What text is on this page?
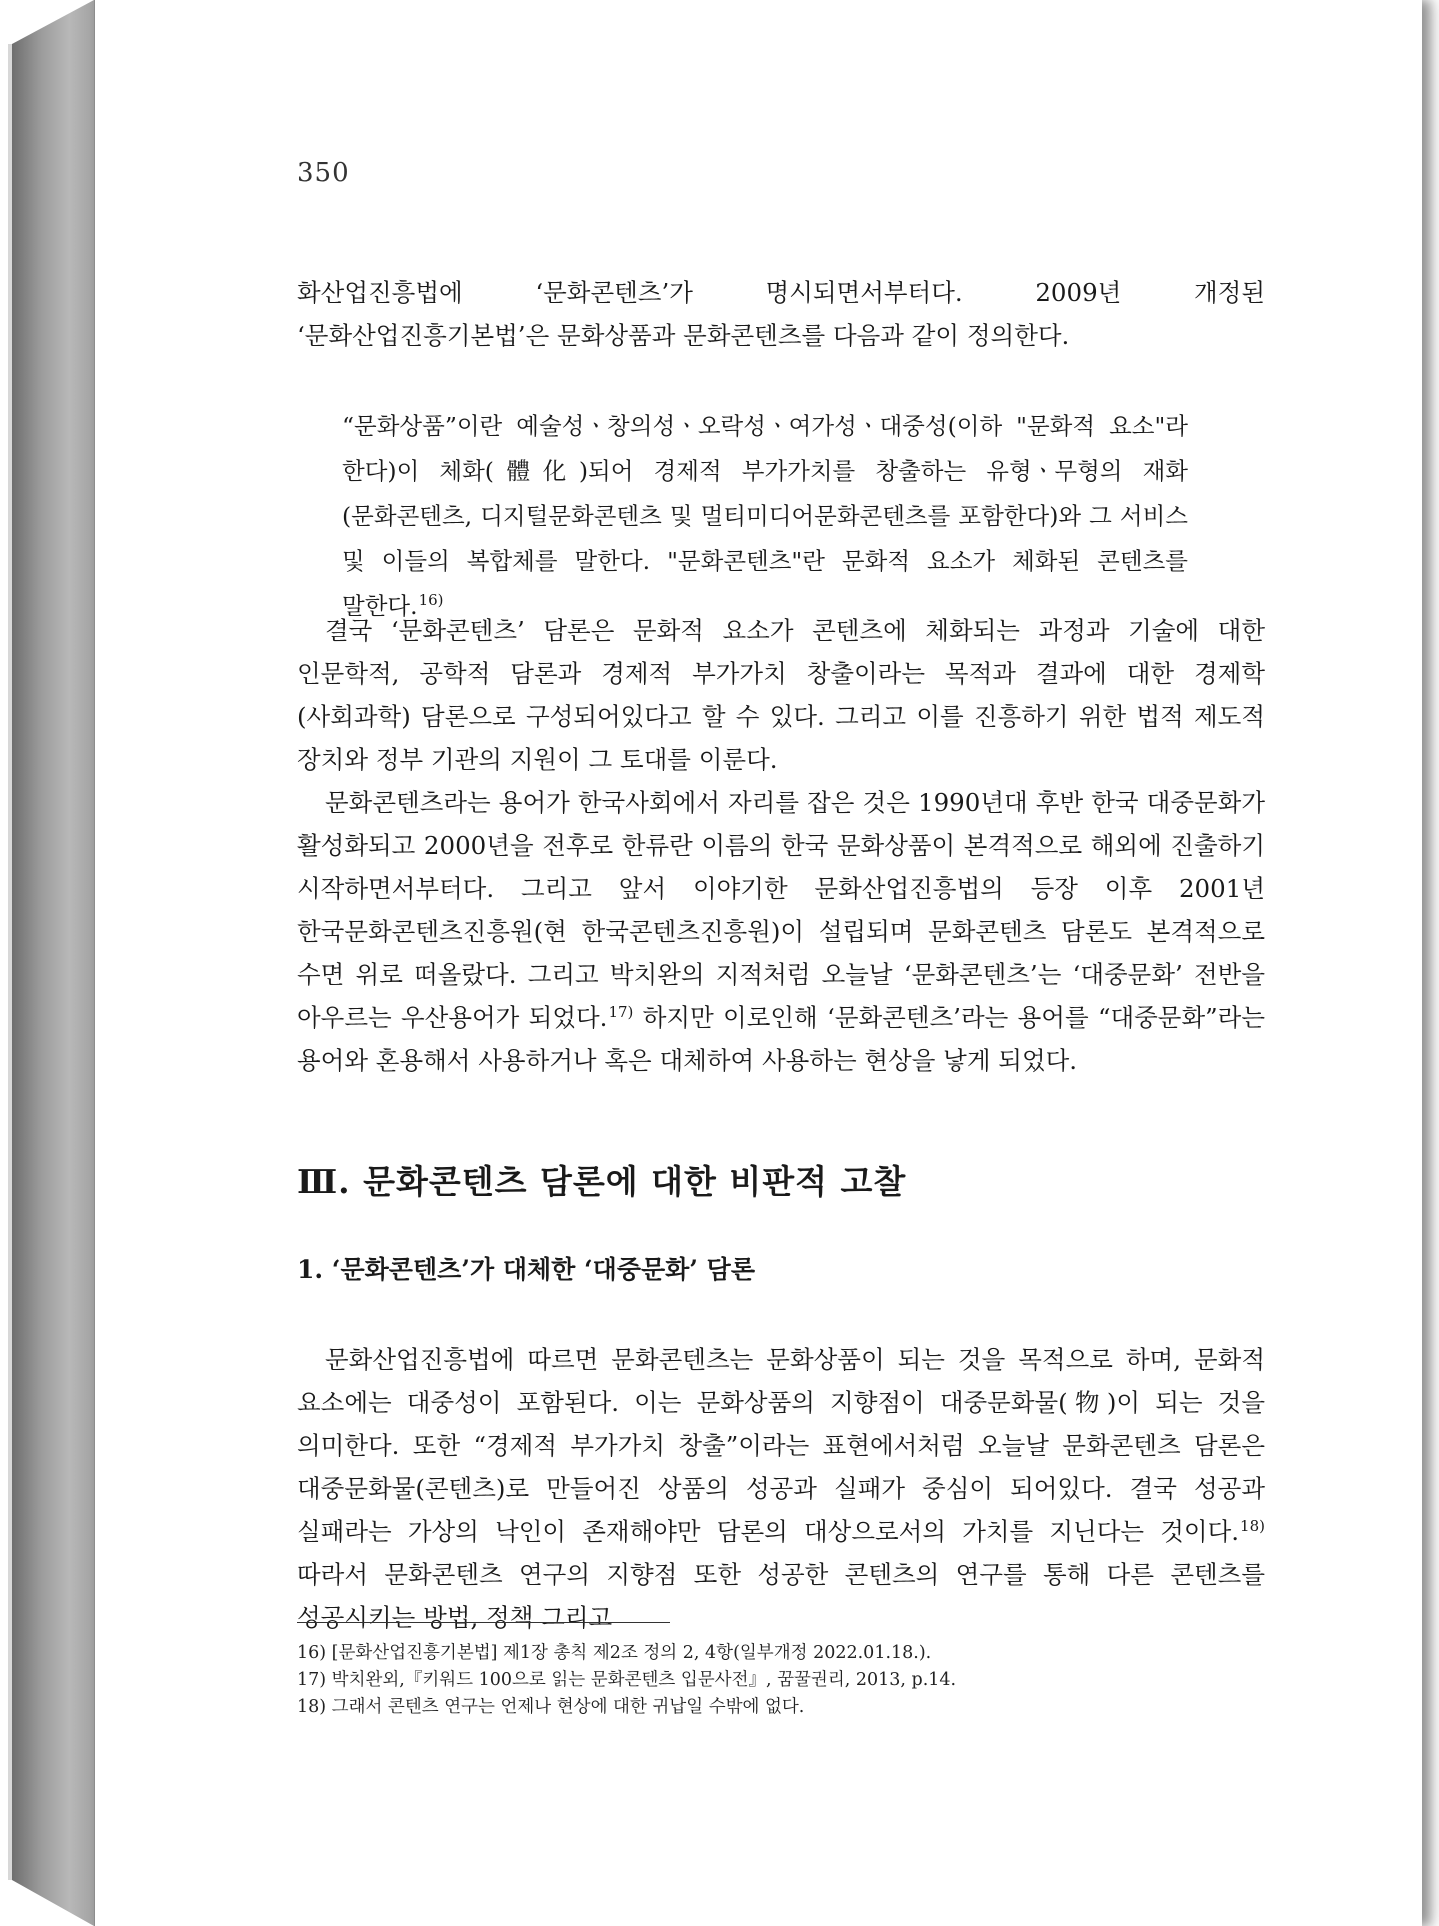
350

화산업진흥법에 ‘문화콘텐츠’가 명시되면서부터다. 2009년 개정된 ‘문화산업진흥기본법’은 문화상품과 문화콘텐츠를 다음과 같이 정의한다.

“문화상품”이란 예술성ㆍ창의성ㆍ오락성ㆍ여가성ㆍ대중성(이하 "문화적 요소"라 한다)이 체화(體化)되어 경제적 부가가치를 창출하는 유형ㆍ무형의 재화(문화콘텐츠, 디지털문화콘텐츠 및 멀티미디어문화콘텐츠를 포함한다)와 그 서비스 및 이들의 복합체를 말한다. "문화콘텐츠"란 문화적 요소가 체화된 콘텐츠를 말한다.$^{16)}$

결국 ‘문화콘텐츠’ 담론은 문화적 요소가 콘텐츠에 체화되는 과정과 기술에 대한 인문학적, 공학적 담론과 경제적 부가가치 창출이라는 목적과 결과에 대한 경제학(사회과학) 담론으로 구성되어있다고 할 수 있다. 그리고 이를 진흥하기 위한 법적 제도적 장치와 정부 기관의 지원이 그 토대를 이룬다.

문화콘텐츠라는 용어가 한국사회에서 자리를 잡은 것은 1990년대 후반 한국 대중문화가 활성화되고 2000년을 전후로 한류란 이름의 한국 문화상품이 본격적으로 해외에 진출하기 시작하면서부터다. 그리고 앞서 이야기한 문화산업진흥법의 등장 이후 2001년 한국문화콘텐츠진흥원(현 한국콘텐츠진흥원)이 설립되며 문화콘텐츠 담론도 본격적으로 수면 위로 떠올랐다. 그리고 박치완의 지적처럼 오늘날 ‘문화콘텐츠’는 ‘대중문화’ 전반을 아우르는 우산용어가 되었다.$^{17)}$ 하지만 이로인해 ‘문화콘텐츠’라는 용어를 “대중문화”라는 용어와 혼용해서 사용하거나 혹은 대체하여 사용하는 현상을 낳게 되었다.

Ⅲ. 문화콘텐츠 담론에 대한 비판적 고찰
1. ‘문화콘텐츠’가 대체한 ‘대중문화’ 담론

문화산업진흥법에 따르면 문화콘텐츠는 문화상품이 되는 것을 목적으로 하며, 문화적 요소에는 대중성이 포함된다. 이는 문화상품의 지향점이 대중문화물(物)이 되는 것을 의미한다. 또한 “경제적 부가가치 창출”이라는 표현에서처럼 오늘날 문화콘텐츠 담론은 대중문화물(콘텐츠)로 만들어진 상품의 성공과 실패가 중심이 되어있다. 결국 성공과 실패라는 가상의 낙인이 존재해야만 담론의 대상으로서의 가치를 지닌다는 것이다.$^{18)}$ 따라서 문화콘텐츠 연구의 지향점 또한 성공한 콘텐츠의 연구를 통해 다른 콘텐츠를 성공시키는 방법, 정책 그리고

16) [문화산업진흥기본법] 제1장 총칙 제2조 정의 2, 4항(일부개정 2022.01.18.).

17) 박치완외,『키워드 100으로 읽는 문화콘텐츠 입문사전』, 꿈꿀권리, 2013, p.14.

18) 그래서 콘텐츠 연구는 언제나 현상에 대한 귀납일 수밖에 없다.
